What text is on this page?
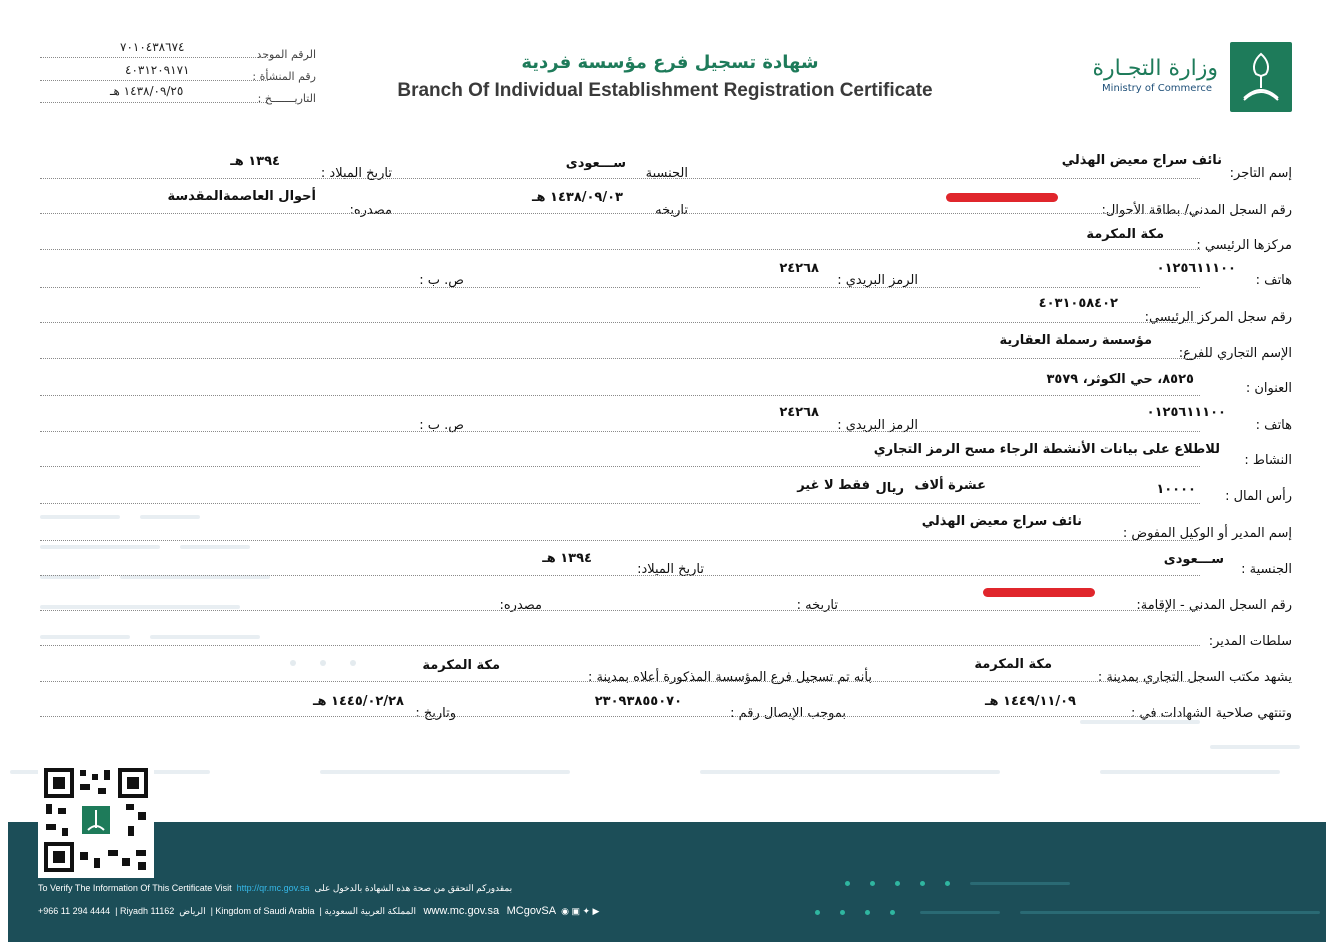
وزارة التجـارة
Ministry of Commerce
شهادة تسجيل فرع مؤسسة فردية
Branch Of Individual Establishment Registration Certificate
الرقم الموحد
٧٠١٠٤٣٨٦٧٤
رقم المنشأة :
٤٠٣١٢٠٩١٧١
التاريـــــــخ :
١٤٣٨/٠٩/٢٥ هـ
إسم التاجر:
نائف سراج معيض الهذلي
الجنسية
ســـعودى
تاريخ الميلاد :
١٣٩٤ هـ
رقم السجل المدني/ بطاقة الأحوال:
تاريخه
١٤٣٨/٠٩/٠٣ هـ
مصدره:
أحوال العاصمةالمقدسة
مركزها الرئيسي :
مكة المكرمة
هاتف :
٠١٢٥٦١١١٠٠
الرمز البريدي :
٢٤٢٦٨
ص. ب :
رقم سجل المركز الرئيسي:
٤٠٣١٠٥٨٤٠٢
الإسم التجاري للفرع:
مؤسسة رسملة العقارية
العنوان :
٨٥٢٥، حي الكوثر، ٣٥٧٩
هاتف :
٠١٢٥٦١١١٠٠
الرمز البريدي :
٢٤٢٦٨
ص. ب :
النشاط :
للاطلاع على بيانات الأنشطة الرجاء مسح الرمز التجاري
رأس المال :
١٠٠٠٠
عشرة ألاف
ريال
فقط لا غير
إسم المدير أو الوكيل المفوض :
نائف سراج معيض الهذلي
الجنسية :
ســـعودى
تاريخ الميلاد:
١٣٩٤ هـ
رقم السجل المدني - الإقامة:
تاريخه :
مصدره:
سلطات المدير:
يشهد مكتب السجل التجاري بمدينة :
مكة المكرمة
بأنه تم تسجيل فرع المؤسسة المذكورة أعلاه بمدينة :
مكة المكرمة
وتنتهي صلاحية الشهادات في :
١٤٤٩/١١/٠٩ هـ
بموجب الإيصال رقم :
٢٣٠٩٣٨٥٥٠٧٠
وتاريخ :
١٤٤٥/٠٢/٢٨ هـ
To Verify The Information Of This Certificate Visit http://qr.mc.gov.sa بمقدوركم التحقق من صحة هذه الشهادة بالدخول على
+966 11 294 4444  | Riyadh 11162 الرياض  | Kingdom of Saudi Arabia  | المملكة العربية السعودية www.mc.gov.sa MCgovSA ◉ ▣ ✦ ▶
